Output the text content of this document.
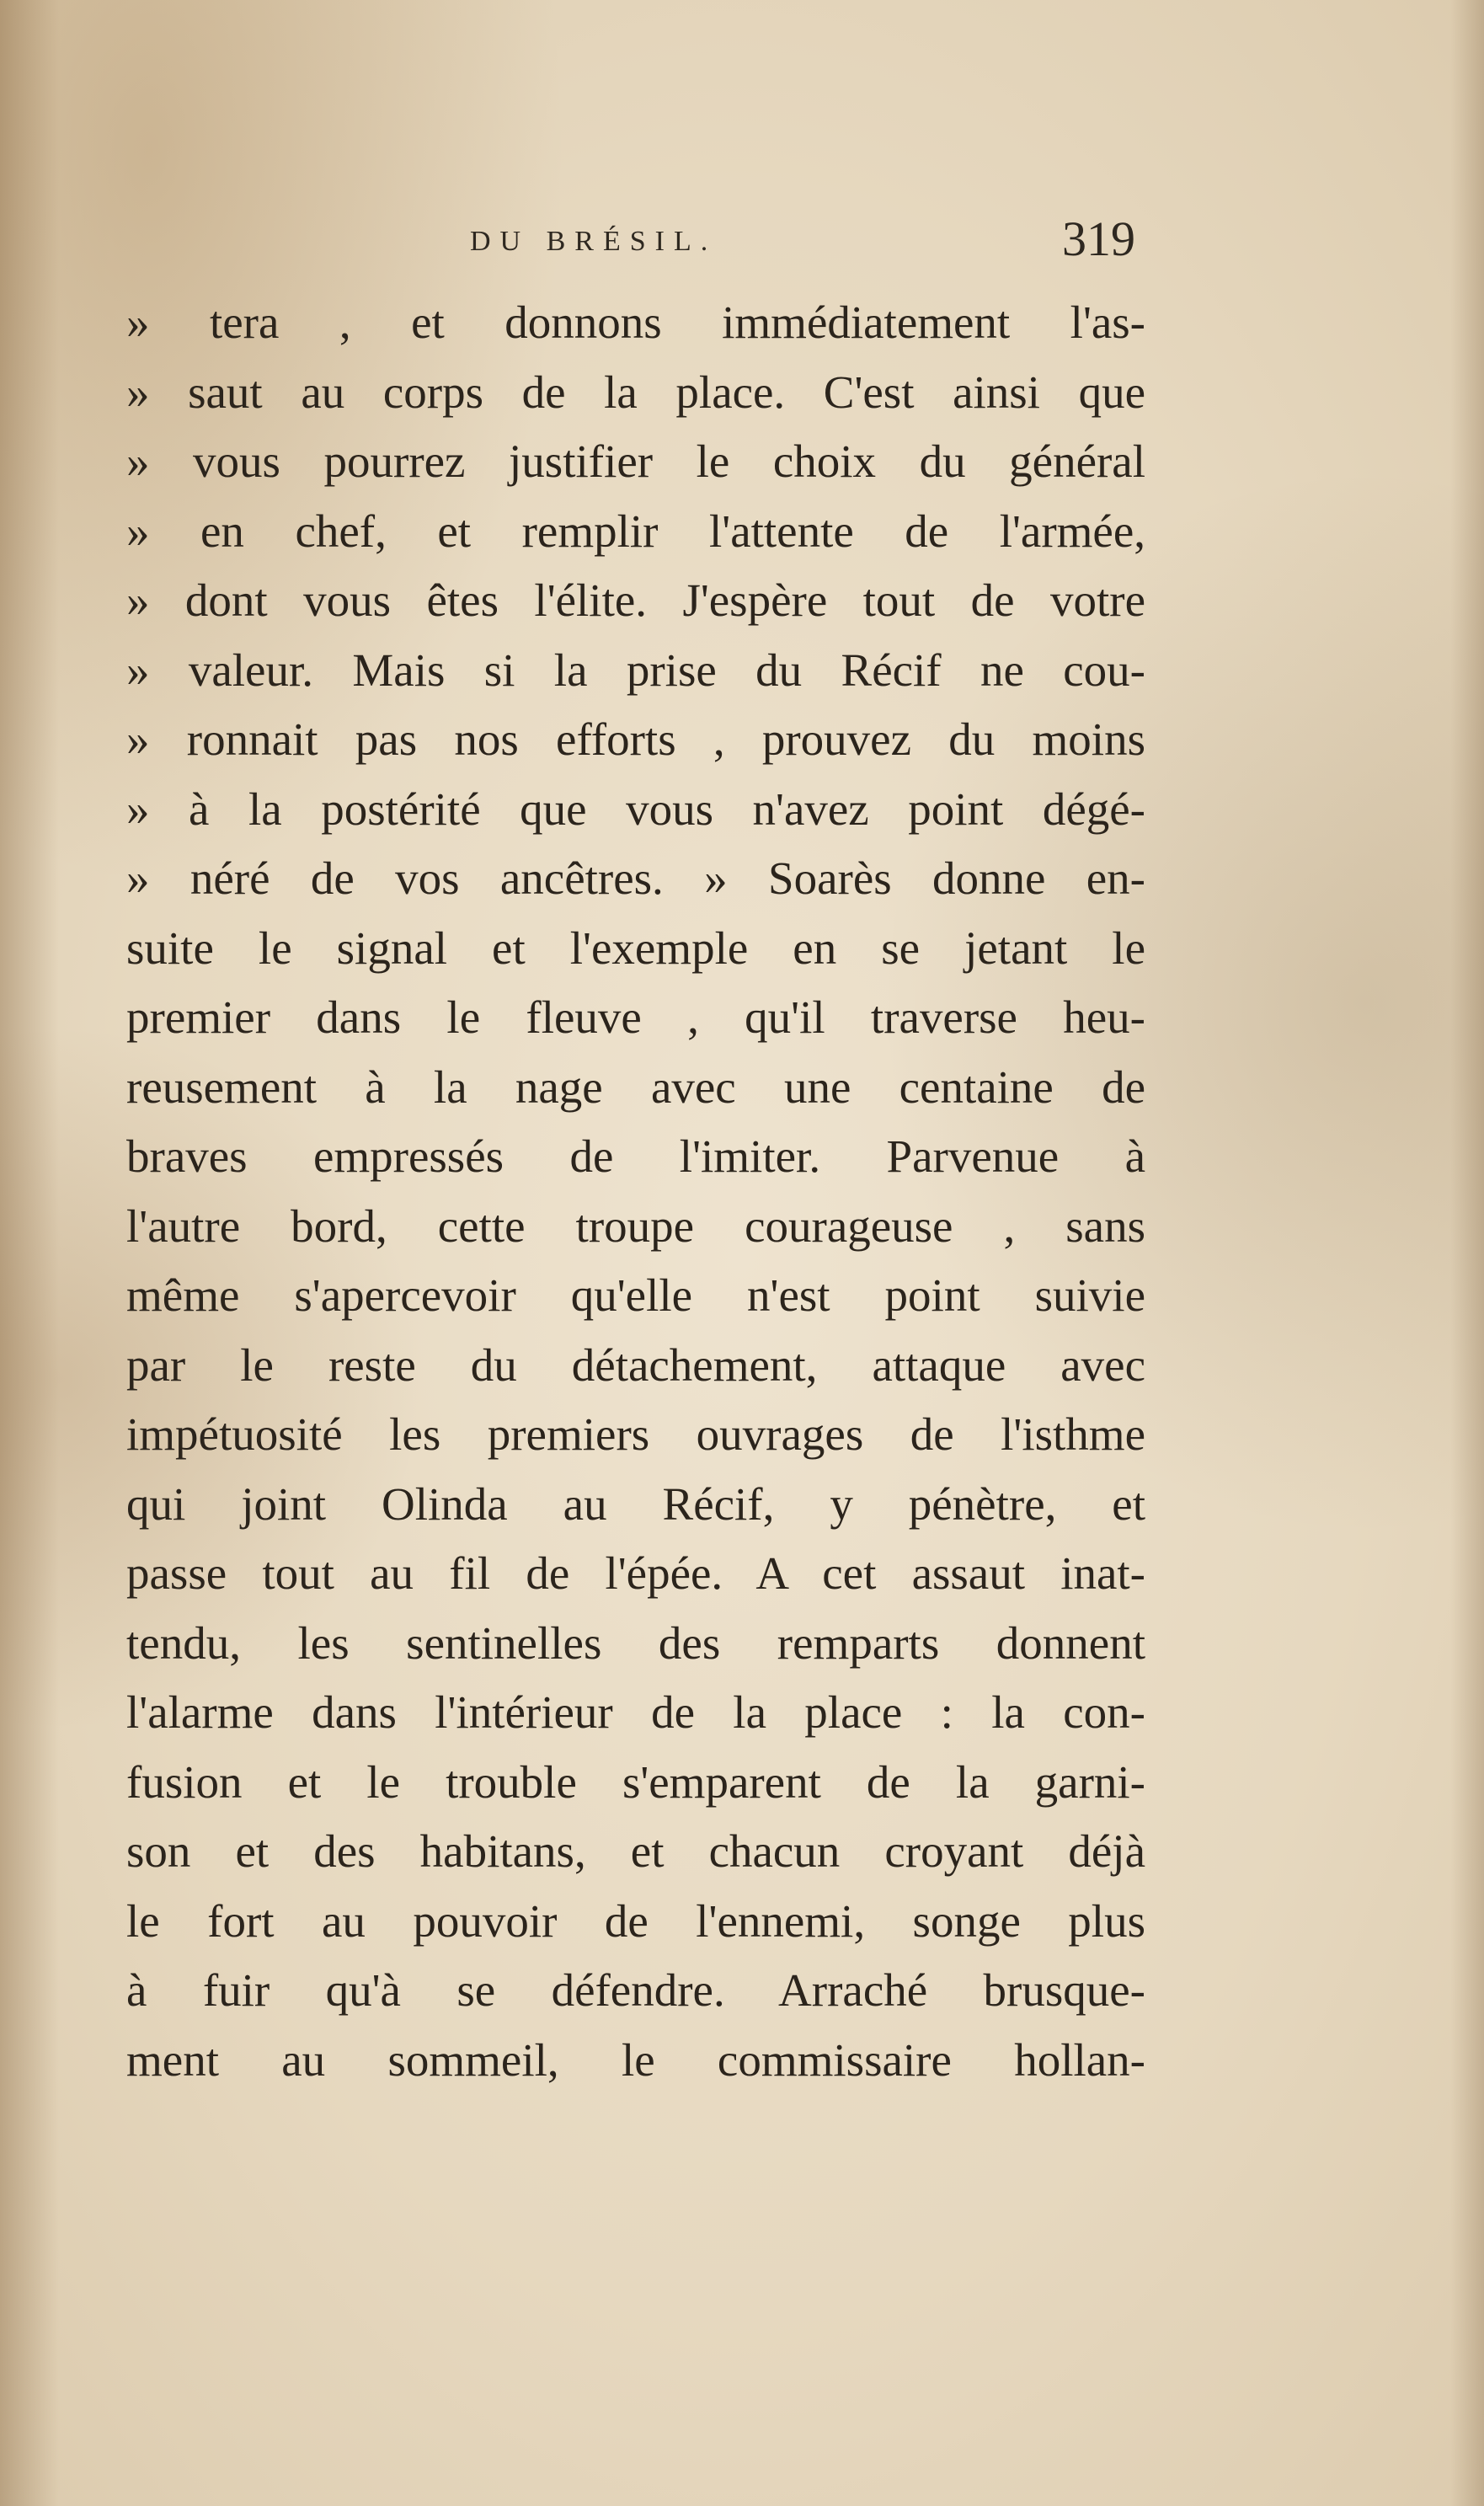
DU BRÉSIL.	319
» tera , et donnons immédiatement l'as-
» saut au corps de la place. C'est ainsi que
» vous pourrez justifier le choix du général
» en chef, et remplir l'attente de l'armée,
» dont vous êtes l'élite. J'espère tout de votre
» valeur. Mais si la prise du Récif ne cou-
» ronnait pas nos efforts , prouvez du moins
» à la postérité que vous n'avez point dégé-
» néré de vos ancêtres. » Soarès donne en-
suite le signal et l'exemple en se jetant le
premier dans le fleuve , qu'il traverse heu-
reusement à la nage avec une centaine de
braves empressés de l'imiter. Parvenue à
l'autre bord, cette troupe courageuse , sans
même s'apercevoir qu'elle n'est point suivie
par le reste du détachement, attaque avec
impétuosité les premiers ouvrages de l'isthme
qui joint Olinda au Récif, y pénètre, et
passe tout au fil de l'épée. A cet assaut inat-
tendu, les sentinelles des remparts donnent
l'alarme dans l'intérieur de la place : la con-
fusion et le trouble s'emparent de la garni-
son et des habitans, et chacun croyant déjà
le fort au pouvoir de l'ennemi, songe plus
à fuir qu'à se défendre. Arraché brusque-
ment au sommeil, le commissaire hollan-
